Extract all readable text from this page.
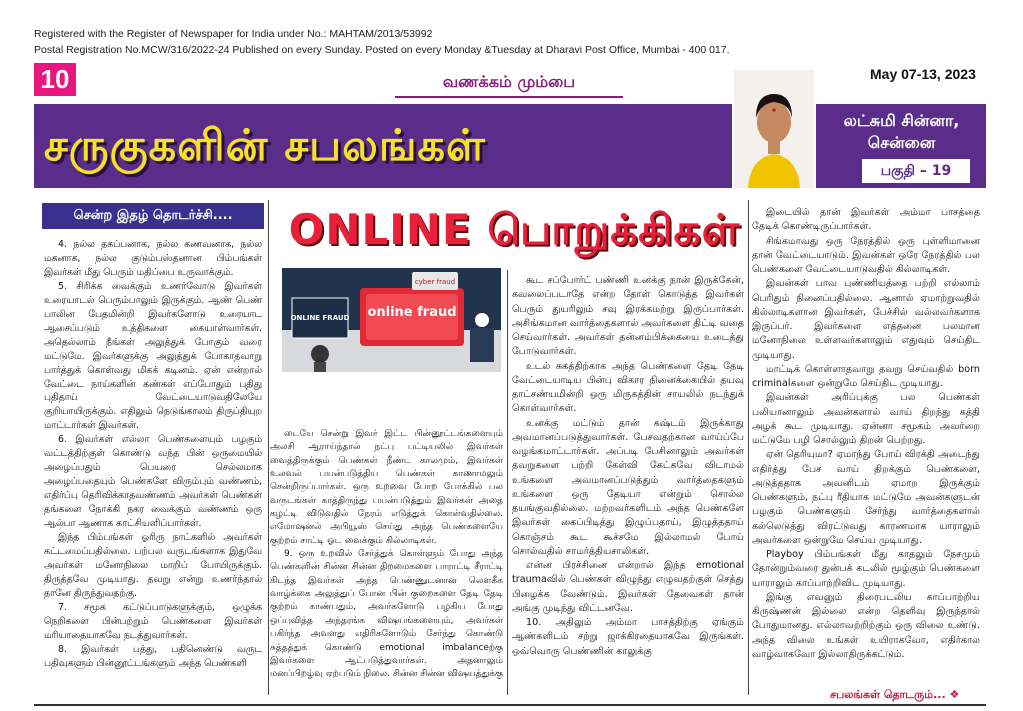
Registered with the Register of Newspaper for India under No.: MAHTAM/2013/53992
Postal Registration No.MCW/316/2022-24 Published on every Sunday. Posted on every Monday &Tuesday at Dharavi Post Office, Mumbai - 400 017.
10	வணக்கம் மும்பை	May 07-13, 2023
சருகுகளின் சபலங்கள்
லட்சுமி சின்னா,
சென்னை
பகுதி – 19
சென்ற இதழ் தொடர்ச்சி....	ONLINE பொறுக்கிகள்
online fraud
ONLINE FRAUD
cyber fraud

4. நல்ல தகப்பனாக, நல்ல கணவனாக, நல்ல மகனாக, நல்ல குடும்பஸ்தனான பிம்பங்கள் இவர்கள் மீது பெரும் மதிப்பை உருவாக்கும்.

5. சிரிக்க வைக்கும் உணர்வோடு இவர்கள் உரையாடல் பெரும்பாலும் இருக்கும். ஆண் பெண் பாலின பேதமின்றி இவர்களோடு உரையாட ஆசைப்படும் உத்திகளை கையாள்வார்கள். அதெல்லாம் நீங்கள் அலுத்துக் போகும் வரை மட்டுமே. இவர்களுக்கு அலுத்துக் போகாதவாறு பார்த்துக் கொள்வது மிகக் கடினம். ஏன் என்றால் வேட்டை நாய்களின் கண்கள் எப்போதும் புதிது புதிதாய் வேட்டையாடுவதிலேயே குறியாயிருக்கும். எதிலும் நெடுங்காலம் திருப்தியுற மாட்டார்கள் இவர்கள்.

6. இவர்கள் எல்லா பெண்களையும் பழகும் வட்டத்திற்குள் கொண்டு வந்த பின் ஒருமையில் அழைப்பதும் பெயரை செல்லமாக அழைப்பதையும் பெண்களே விரும்பும் வண்ணம், எதிர்ப்பு தெரிவிக்காதவண்ணம் அவர்கள் பெண்கள் தங்களை நோக்கி நகர வைக்கும் வண்ணம் ஒரு ஆல்பா ஆணாக காட்சியளிப்பார்கள்.

இந்த பிம்பங்கள் ஓரிரு நாட்களில் அவர்கள் கட்டமைப்பதில்லை. பற்பல வருடங்களாக இதுவே அவர்கள் மனோநிலை மாறிப் போயிருக்கும். திருத்தவே முடியாது. தவறு என்று உணர்ந்தால் தானே திருந்துவதற்கு.

7. சமூக கட்டுப்பாடுகளுக்கும், ஒழுக்க நெறிகளை பின்பற்றும் பெண்களை இவர்கள் மரியாதையாகவே நடத்துவார்கள்.

8. இவர்கள் பத்து, பதினெண்டு வருட பதிவுகளும் பின்னூட்டங்களும் அந்த பெண்களி

டையே சென்று இவர் இட்ட பின்னூட்டங்களையும் அலசி ஆராய்ந்தால் நட்பு பட்டியலில் இவர்கள் வைத்திருக்கும் பெண்கள் நீண்ட காலமும், இவர்கள் உலவல் பயன்படுத்திய பெண்கள் காணாமலும் சென்றிருப்பார்கள். ஒரு உறவை போற போக்கில் பல வருடங்கள் காத்திருந்து பயன்படுத்தும் இவர்கள் அதை கழட்டி விடுவதில் நேரம் எடுத்துக் கொள்வதில்லை. எமோஷனல் அபியூஸ் செய்து அந்த பெண்களையே குற்றம் சாட்டி ஓட வைக்கும் கில்லாடிகள்.

9. ஒரு உறவில் சேர்த்துக் கொள்ளும் போது அந்த பெண்களின் சின்ன சின்ன திறமைகளை பாராட்டி சீராட்டி கிடந்த இவர்கள் அந்த பெண்ணுடனான லௌகீக வாழ்க்கை அலுத்துப் போன பின் குறைகளை தேடி தேடி குற்றம் காண்பதும், அவர்களோடு பழகிய போது ஒப்புவித்த அந்தரங்க விஷயங்களையும், அவர்கள் பகிர்ந்த அவளது எதிரிகளோடும் சேர்ந்து கொண்டு சுத்தத்துக் கொண்டு emotional imbalanceற்கு இவர்களை ஆட்படுத்துவார்கள். அதனாலும் மனப்பிறழ்வு ஏற்படும் நிலை. சின்ன சின்ன விஷயத்துக்கு

கூட சப்போர்ட் பண்ணி உனக்கு நான் இருக்கேன், கவலைப்படாதே என்ற தோள் கொடுத்த இவர்கள் பெரும் துயரிலும் சவு இரக்கமற்று இருப்பார்கள். அசிங்கமான வார்த்தைகளால் அவர்களை திட்டி வதை செய்வார்கள். அவர்கள் தன்னம்பிக்கையை உடைத்து போடுவார்கள்.

உடல் சுகத்திற்காக அந்த பெண்களை தேடி தேடி வேட்டையாடிய பின்பு விகார நினைக்கையில் தயவு தாட்சண்யமின்றி ஒரு மிருகத்தின் சாயலில் நடந்துக் கொள்வார்கள்.

உனக்கு மட்டும் தான் கஷ்டம் இருக்காது அவமானப்படுத்துவார்கள். பேசவதற்கான வாய்ப்பே வழங்கமாட்டார்கள். அப்படி பேசினாலும் அவர்கள் தவறுகளை பற்றி கேள்வி கேட்கவே விடாமல் உங்களை அவமானப்படுத்தும் வார்த்தைகளும் உங்களை ஒரு தேடியா என்றும் சொல்ல தயங்குவதில்லை. மற்றவர்களிடம் அந்த பெண்களே இவர்கள் கைப்பிடித்து இழுப்பதாய், இழுத்ததாய் கொஞ்சம் கூட கூச்சமே இல்லாமல் போய் சொல்வதில் சாமர்த்தியசாலிகள்.

என்ன பிரச்சினை என்றால் இந்த emotional traumaவில் பெண்கள் விழுந்து எழுவதற்குள் செத்து பிழைக்க வேண்டும். இவர்கள் தேவைகள் தான் அங்கு முடிந்து விட்டனவே.

10. அதிலும் அம்மா பாசத்திற்கு ஏங்கும் ஆண்களிடம் சற்று ஜாக்கிரதையாகவே இருங்கள். ஒவ்வொரு பெண்ணின் காலுக்கு

இடையில் தான் இவர்கள் அம்மா பாசத்தை தேடிக் கொண்டிருப்பார்கள்.

சிங்கமாவது ஒரு நேரத்தில் ஒரு புள்ளிமானை தான் வேட்டையாடும். இவன்கள் ஒரே நேரத்தில் பல பெண்களை வேட்டையாடுவதில் கில்லாடிகள்.

இவன்கள் பாவ புண்ணியத்தை பற்றி எல்லாம் பெரிதும் நினைப்பதில்லை. ஆனால் ஏமாற்றுவதில் கில்லாடிகளான இவர்கள், பேச்சில் வல்லவர்களாக இருப்பர். இவர்களை எத்தனை பலமான மனோநிலை உள்ளவர்களாலும் எதுவும் செய்திட முடியாது.

மாட்டிக் கொள்ளாதவாறு தவறு செய்வதில் born criminalகளை ஒன்றுமே செய்திட முடியாது.

இவன்கள் அரிப்புக்கு பல பெண்கள் பலியானாலும் அவன்களால் வாய் திறந்து கத்தி அழக் கூட முடியாது. ஏன்னா சமூகம் அவர்றை மட்டுமே பழி சொல்லும் திறன் பெற்றது.

ஏன் தெரியுமா? ஏமாந்து போய் விரக்தி அடைந்து எதிர்த்து பேச வாய் திறக்கும் பெண்களை, அடுத்ததாக அவனிடம் ஏமாற இருக்கும் பெண்களும், நட்பு ரீதியாக மட்டுமே அவன்களுடன் பழகும் பெண்களும் சேர்ந்து வார்த்தைகளால் கல்லெடுத்து விரட்டுவது காரணமாக யாராலும் அவர்களை ஒன்றுமே செய்ய முடியாது.

Playboy பிம்பங்கள் மீது காதலும் நேசமும் தோன்றும்வரை துன்பக் கடலில் மூழ்கும் பெண்களை யாராலும் காப்பாற்றிவிட முடியாது.

இங்கு எவனும் திரைபடலிய காப்பாற்றிய கிருஷ்ணன் இல்லை என்ற தெளிவு இருந்தால் போதுமானது. எல்லாவற்றிற்கும் ஒரு விலை உண்டு. அந்த விலை உங்கள் உயிராகவோ, எதிர்கால வாழ்வாகவோ இல்லாதிருக்கட்டும்.

சபலங்கள் தொடரும்... ❖
